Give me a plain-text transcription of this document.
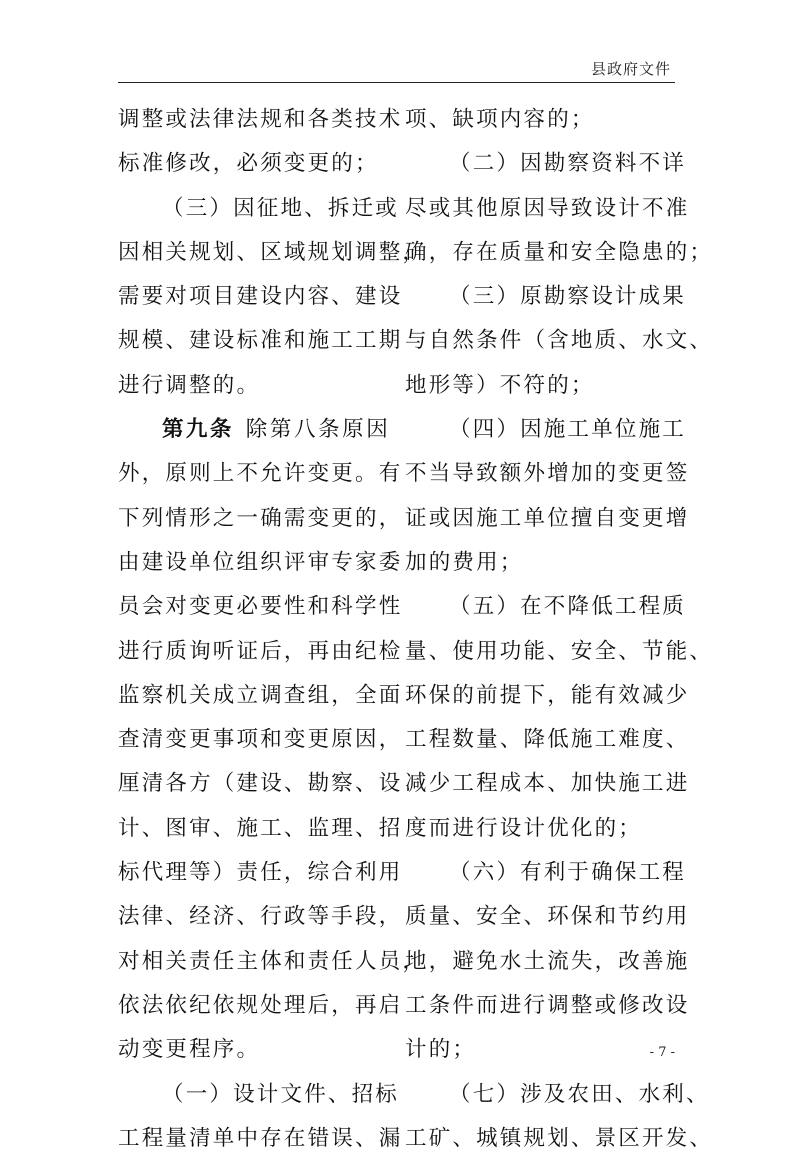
县政府文件
调整或法律法规和各类技术
标准修改，必须变更的；
（三）因征地、拆迁或
因相关规划、区域规划调整，
需要对项目建设内容、建设
规模、建设标准和施工工期
进行调整的。
第九条 除第八条原因
外，原则上不允许变更。有
下列情形之一确需变更的，
由建设单位组织评审专家委
员会对变更必要性和科学性
进行质询听证后，再由纪检
监察机关成立调查组，全面
查清变更事项和变更原因，
厘清各方（建设、勘察、设
计、图审、施工、监理、招
标代理等）责任，综合利用
法律、经济、行政等手段，
对相关责任主体和责任人员，
依法依纪依规处理后，再启
动变更程序。
（一）设计文件、招标
工程量清单中存在错误、漏
项、缺项内容的；
（二）因勘察资料不详
尽或其他原因导致设计不准
确，存在质量和安全隐患的；
（三）原勘察设计成果
与自然条件（含地质、水文、
地形等）不符的；
（四）因施工单位施工
不当导致额外增加的变更签
证或因施工单位擅自变更增
加的费用；
（五）在不降低工程质
量、使用功能、安全、节能、
环保的前提下，能有效减少
工程数量、降低施工难度、
减少工程成本、加快施工进
度而进行设计优化的；
（六）有利于确保工程
质量、安全、环保和节约用
地，避免水土流失，改善施
工条件而进行调整或修改设
计的；
（七）涉及农田、水利、
工矿、城镇规划、景区开发、
- 7 -
